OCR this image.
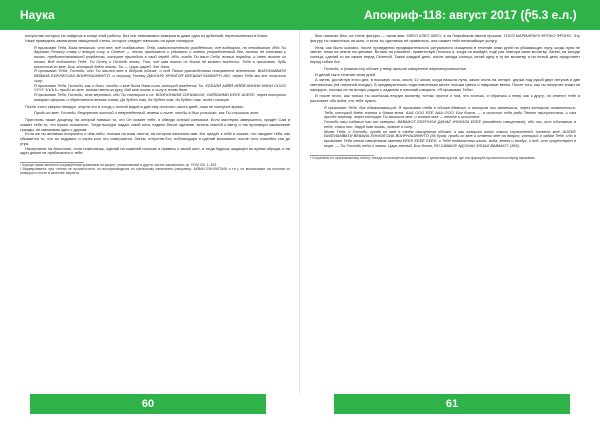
Наука	Апокриф-118: август 2017 (ⴡ5.3 е.л.)

получение которых ты найдешь в конце этой работы. Без них невозможно завершить даже одно из действий, перечисленных в Книге.

Ниже приведено заклинание священной стелы, которое следует написать на куске папируса:

Я призываю Тебя, Бога великого, что вне, всё создавшего; Тебя, самостоятельно рождённого, всё видящего, но невидимого. Ибо Ты даровал Гелиосу славу и всякую силу, а Селене — честь прибывать и убывать и иметь упорядоченный бег, ничего не отнимая у тьмы, предшествовавшей рождению, которое приходит в свой черёд. Ибо, когда Ты явил Себя, возник порядок, и свет вышел из тьмы. Всё подчинено Тебе, Ты Отец и Господь всего, Тот, чьё имя никто из богов не может вынести. Тебя я призываю, будь милостив ко мне, Бог, который даёт жизнь; Ты — Царь царей, Зэн Зэна.

Я призываю Тебя, Господи, ибо Ты явился мне в добром облике, и под Твоим руководством покоряется вселенная. ВИАТИАМВАТИ ВЕВАИА ЕИНЛАТОИА ВОИРНАОИМНТŌ, и страшу Твоему ДАНОИФ КРИАТОЯ ВЕЕШАИ БИАВИТН АЮ: через Тебя мы все получили силу.

Я призываю Тебя, Господи, как и боги, чтобы и мне была дана сила, которой владеешь Ты. ЕЕБАЭЙ АЙЙЙ ИЙЙЙ ИИИИИ ИИИИ ОООО УУУУ ЪЪЪЪ: приди ко мне, возьми меня за руку, дай мне жизнь и силу в этом деле.

Я призываю Тебя, Господи, всех мертвых, ибо Ты сотворил и их. ВОИНОНАИМ СИНИАКОИ, ОИЙКАИМИ ЕЕЕЕ АОЕЕЕ, через которого говорят пророки и обретается вечная слава. Да будет так, да будет так, да будет так, ныне и вскоре.

После этого сверни папирус, опусти его в сосуд с чистой водой и дай ему постоять шесть дней, пока не наступит время.

Приди ко мне, Господи, безупречно чистый и неврежденный, вовеки и ныне, чтобы я был услышан, как Ты слышишь всех.

Приготовь также дощечку, на которой напиши то, что Он скажет тебе, и обведи острый кончиком. Если мистерия завершится, придёт Сам и скажет тебе то, что нужно исполнить. Тогда воскури ладан, омой ноги, надень белое одеяние, встань спиной к свету и так проговори заклинание трижды, не смешивая одно с другим.

Если же ты желаешь вопросить о чём-либо, положи на язык листок, на котором написано имя. Бог придёт к тебе и скажет, что ожидает тебя, как сбывается то, что ты задумал, и через кого это совершится. Затем, отпустив Его, поблагодари и сделай возлияние, после чего спокойно спи до утра.

Начертание на Аполлоне, если пожелаешь, сделай на кожаной полоске и привесь к своей шее, и тогда будешь защищён во время обряда, и ни один демон не приблизится к тебе.

¹ Корица также является сокращённым указанием на рецепт, упоминаемый в других частях заклинания; ср. PGM XIII, 1–343.

² Варвароимена: при чтении не произносятся, но воспроизводятся по греческому написанию (например, АЕВАИ ЕИНЛАТОИА и т.п.); их выписывают на полоске из папируса и носят в качестве амулета.

был написан Иао; на стене фигуры — таков имя: ІІІЛЕО ІІЛЕО ІІЛЕО, а на Пифийском имени пришли: ТНОЭ МАРМАРАУЭ ФРОНО ФРОНО. Эту фигуру ты поместишь на шею, и если ты сделаешь её правильно, она окажет тебе величайшую услугу.

Итак, как было сказано, после проведения предварительного ритуального очищения в течение семи дней на убывающую луну, когда луна не светит, лежи на земле на циновке. Встань на рассвете, приветствуй Гелиоса и, когда он взойдёт, ещё раз повтори свою молитву. Затем, на заходе солнца, сделай то же самое перед Селеной. Также каждый день, после захода солнца, читай одну и ту же молитву, и на пятый день предстанет перед тобою бог.

Господь, в (таком-то) облике у нему пришла священное жертвоприношение.

И делай так в течение семи дней.

А затем, достигнув этого дня, в восьмую ночь, около 11 часов, когда взошла луна, зажги огонь на алтаре, держа под рукой двух петухов и две светильника (на глиняной посуде). В предварительно подготовленном месте положи цветы и лавровые ветви. После того, как ты начертил знаки на папирусе, положи их на алтарь рядом с ладаном и начинай говорить: «Я призываю Тебя».

И после этого, как только ты окончишь вторую молитву, тотчас прочти о том, что хочешь, и обратись к нему, как к другу; он ответит тебе и расскажет обо всём, что тебе нужно.

Я призываю Тебя, бог обманывающий. Я призываю тебя в облике Мемоса, в котором ты являешься, через которого появляешься, Тебя, который даёт знания и блага всем. ААА ООО ЕЕЕ ААА ООО, Бог богов, — я очистил себя ради Твоего присутствия, и сам принёс жертву, через которую Ты явишься мне, и знание моё — вечное и истинное.

Господь наш избавил нас от скверны. ВАВАИОТ ЕЕЕРНОИ ДАНАЕ ИФИИЛА ЕЕЕЕ (поимённо священные); ибо ты, кто обитаешь в небе, спаси нас, даруй нам жизнь, знание и силу.

Молю Тебя, о Господь, приди ко мне в своём священном облике, и как говорит голос твоих служителей, ответь мне. АОЕЕЕ ВИАТИАМВАТИ ВЕВАИА ЕИНЛАТОИА ВОИРНАОИМНТŌ (36 букв): приди ко мне и ответь мне на вопрос, который я задам Тебе, ибо я призываю Тебя своим священным именем ЕЕЕЕ ЕЕЕЕ ЕЕЕЕ, и Тебе подвластны огонь, вода, земля и воздух, и всё, что существует в мире, — Ты Господь неба и земли, Царь вечный, Бог богов, ЯО САВАОФ АДОНАИ ЭЛОАИ ВАВАИОТ (365).

³ Сохранено по оригинальному тексту; иногда используется ассимиляция с греческим кругом, где эта формула произносится перед призывом.

60	61
